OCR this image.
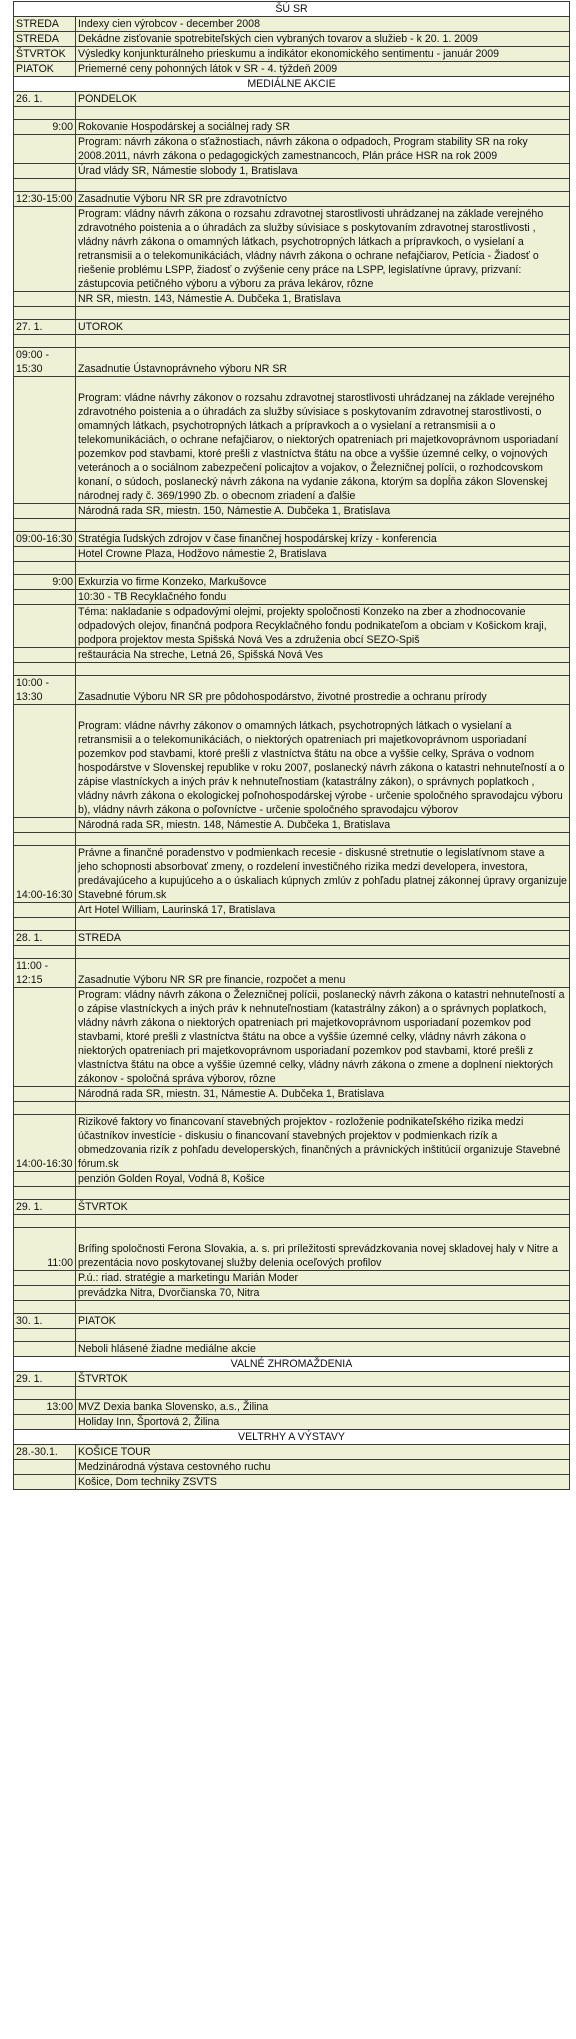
ŠÚ SR	
STREDA	Indexy cien výrobcov - december 2008
STREDA	Dekádne zisťovanie spotrebiteľských cien vybraných tovarov a služieb - k 20. 1. 2009
ŠTVRTOK	Výsledky konjunkturálneho prieskumu a indikátor ekonomického sentimentu - január 2009
PIATOK	Priemerné ceny pohonných látok v SR - 4. týždeň 2009
MEDIÁLNE AKCIE	
26. 1.	PONDELOK

9:00	Rokovanie Hospodárskej a sociálnej rady SR
	Program: návrh zákona o sťažnostiach, návrh zákona o odpadoch, Program stability SR na roky 2008.2011, návrh zákona o pedagogických zamestnancoch, Plán práce HSR na rok 2009
	Úrad vlády SR, Námestie slobody 1, Bratislava

12:30-15:00	Zasadnutie Výboru NR SR pre zdravotníctvo
	Program: vládny návrh zákona o rozsahu zdravotnej starostlivosti uhrádzanej na základe verejného zdravotného poistenia a o úhradách za služby súvisiace s poskytovaním zdravotnej starostlivosti , vládny návrh zákona o omamných látkach, psychotropných látkach a prípravkoch, o vysielaní a retransmisii a o telekomunikáciách, vládny návrh zákona o ochrane nefajčiarov, Petícia - Žiadosť o riešenie problému LSPP, žiadosť o zvýšenie ceny práce na LSPP, legislatívne úpravy, prizvaní: zástupcovia petičného výboru a výboru za práva lekárov, rôzne
	NR SR, miestn. 143, Námestie A. Dubčeka 1, Bratislava

27. 1.	UTOROK

09:00 - 15:30	Zasadnutie Ústavnoprávneho výboru NR SR
	Program: vládne návrhy zákonov o rozsahu zdravotnej starostlivosti uhrádzanej na základe verejného zdravotného poistenia a o úhradách za služby súvisiace s poskytovaním zdravotnej starostlivosti, o omamných látkach, psychotropných látkach a prípravkoch a o vysielaní a retransmisii a o telekomunikáciách, o ochrane nefajčiarov, o niektorých opatreniach pri majetkovoprávnom usporiadaní pozemkov pod stavbami, ktoré prešli z vlastníctva štátu na obce a vyššie územné celky, o vojnových veteránoch a o sociálnom zabezpečení policajtov a vojakov, o Železničnej polícii, o rozhodcovskom konaní, o súdoch, poslanecký návrh zákona na vydanie zákona, ktorým sa dopĺňa zákon Slovenskej národnej rady č. 369/1990 Zb. o obecnom zriadení a ďalšie
	Národná rada SR, miestn. 150, Námestie A. Dubčeka 1, Bratislava

09:00-16:30	Stratégia ľudských zdrojov v čase finančnej hospodárskej krízy - konferencia
	Hotel Crowne Plaza, Hodžovo námestie 2, Bratislava

9:00	Exkurzia vo firme Konzeko, Markušovce
	10:30 - TB Recyklačného fondu
	Téma: nakladanie s odpadovými olejmi, projekty spoločnosti Konzeko na zber a zhodnocovanie odpadových olejov, finančná podpora Recyklačného fondu podnikateľom a obciam v Košickom kraji, podpora projektov mesta Spišská Nová Ves a združenia obcí SEZO-Spiš
	reštaurácia Na streche, Letná 26, Spišská Nová Ves

10:00 - 13:30	Zasadnutie Výboru NR SR pre pôdohospodárstvo, životné prostredie a ochranu prírody
	Program: vládne návrhy zákonov o omamných látkach, psychotropných látkach o vysielaní a retransmisii a o telekomunikáciách, o niektorých opatreniach pri majetkovoprávnom usporiadaní pozemkov pod stavbami, ktoré prešli z vlastníctva štátu na obce a vyššie celky, Správa o vodnom hospodárstve v Slovenskej republike v roku 2007, poslanecký návrh zákona o katastri nehnuteľností a o zápise vlastníckych a iných práv k nehnuteľnostiam (katastrálny zákon), o správnych poplatkoch , vládny návrh zákona o ekologickej poľnohospodárskej výrobe - určenie spoločného spravodajcu výboru b), vládny návrh zákona o poľovníctve - určenie spoločného spravodajcu výborov
	Národná rada SR, miestn. 148, Námestie A. Dubčeka 1, Bratislava

14:00-16:30	Právne a finančné poradenstvo v podmienkach recesie - diskusné stretnutie o legislatívnom stave a jeho schopnosti absorbovať zmeny, o rozdelení investičného rizika medzi developera, investora, predávajúceho a kupujúceho a o úskaliach kúpnych zmlúv z pohľadu platnej zákonnej úpravy organizuje Stavebné fórum.sk
	Art Hotel William, Laurinská 17, Bratislava

28. 1.	STREDA

11:00 - 12:15	Zasadnutie Výboru NR SR pre financie, rozpočet a menu
	Program: vládny návrh zákona o Železničnej polícii, poslanecký návrh zákona o katastri nehnuteľností a o zápise vlastníckych a iných práv k nehnuteľnostiam (katastrálny zákon) a o správnych poplatkoch, vládny návrh zákona o niektorých opatreniach pri majetkovoprávnom usporiadaní pozemkov pod stavbami, ktoré prešli z vlastníctva štátu na obce a vyššie územné celky, vládny návrh zákona o niektorých opatreniach pri majetkovoprávnom usporiadaní pozemkov pod stavbami, ktoré prešli z vlastníctva štátu na obce a vyššie územné celky, vládny návrh zákona o zmene a doplnení niektorých zákonov - spoločná správa výborov, rôzne
	Národná rada SR, miestn. 31, Námestie A. Dubčeka 1, Bratislava

14:00-16:30	Rizikové faktory vo financovaní stavebných projektov - rozloženie podnikateľského rizika medzi účastníkov investície - diskusiu o financovaní stavebných projektov v podmienkach rizík a obmedzovania rizík z pohľadu developerských, finančných a právnických inštitúcií organizuje Stavebné fórum.sk
	penzión Golden Royal, Vodná 8, Košice

29. 1.	ŠTVRTOK

11:00	Brífing spoločnosti Ferona Slovakia, a. s. pri príležitosti sprevádzkovania novej skladovej haly v Nitre a prezentácia novo poskytovanej služby delenia oceľových profilov
	P.ú.: riad. stratégie a marketingu Marián Moder
	prevádzka Nitra, Dvorčianska 70, Nitra

30. 1.	PIATOK

	Neboli hlásené žiadne mediálne akcie
VALNÉ ZHROMAŽDENIA	
29. 1.	ŠTVRTOK

13:00	MVZ Dexia banka Slovensko, a.s., Žilina
	Holiday Inn, Športová 2, Žilina
VELTRHY A VÝSTAVY	
28.-30.1.	KOŠICE TOUR
	Medzinárodná výstava cestovného ruchu
	Košice, Dom techniky ZSVTS
